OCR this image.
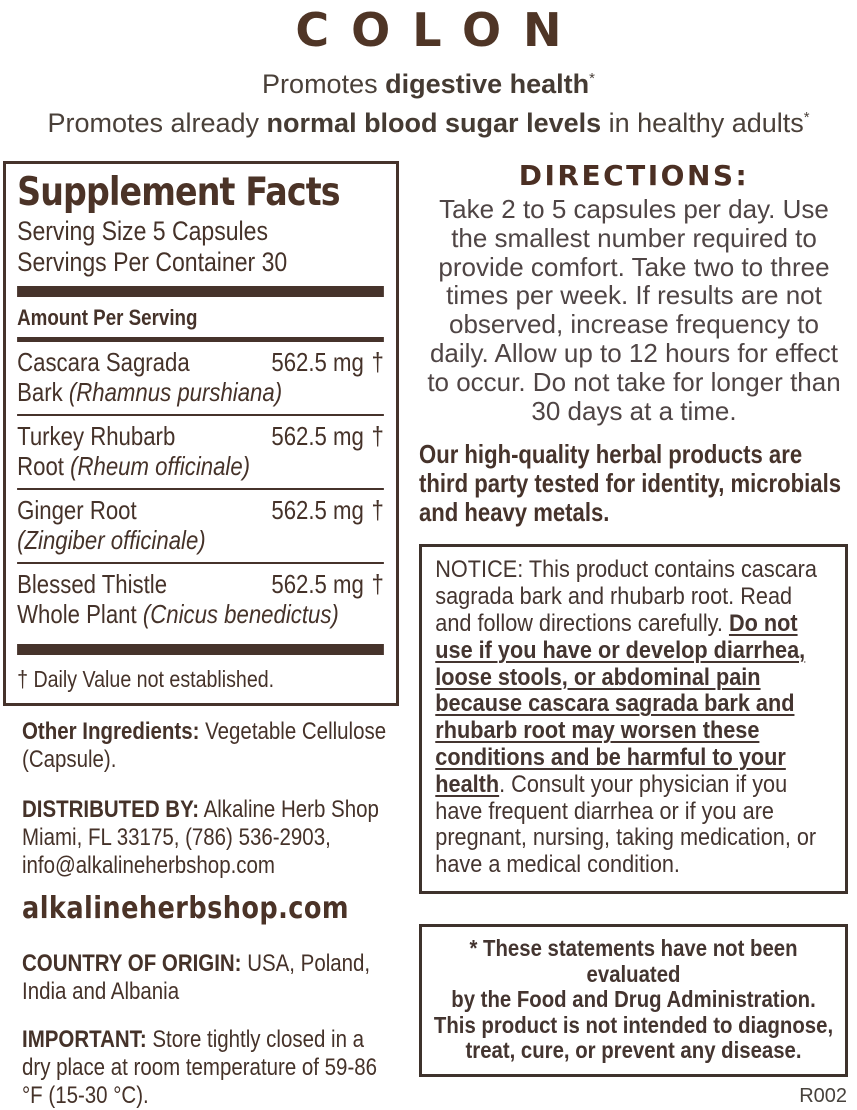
COLON
Promotes digestive health*
Promotes already normal blood sugar levels in healthy adults*
Supplement Facts
Serving Size 5 Capsules
Servings Per Container 30
Amount Per Serving
Cascara Sagrada	562.5 mg †
Bark (Rhamnus purshiana)
Turkey Rhubarb	562.5 mg †
Root (Rheum officinale)
Ginger Root	562.5 mg †
(Zingiber officinale)
Blessed Thistle	562.5 mg †
Whole Plant (Cnicus benedictus)
† Daily Value not established.
Other Ingredients: Vegetable Cellulose (Capsule).
DISTRIBUTED BY: Alkaline Herb Shop
Miami, FL 33175, (786) 536-2903,
info@alkalineherbshop.com
alkalineherbshop.com
COUNTRY OF ORIGIN: USA, Poland, India and Albania
IMPORTANT: Store tightly closed in a dry place at room temperature of 59-86 °F (15-30 °C).
DIRECTIONS:
Take 2 to 5 capsules per day. Use the smallest number required to provide comfort. Take two to three times per week. If results are not observed, increase frequency to daily. Allow up to 12 hours for effect to occur. Do not take for longer than 30 days at a time.
Our high-quality herbal products are third party tested for identity, microbials and heavy metals.
NOTICE: This product contains cascara sagrada bark and rhubarb root. Read and follow directions carefully. Do not use if you have or develop diarrhea, loose stools, or abdominal pain because cascara sagrada bark and rhubarb root may worsen these conditions and be harmful to your health. Consult your physician if you have frequent diarrhea or if you are pregnant, nursing, taking medication, or have a medical condition.
* These statements have not been evaluated
by the Food and Drug Administration.
This product is not intended to diagnose,
treat, cure, or prevent any disease.
R002
